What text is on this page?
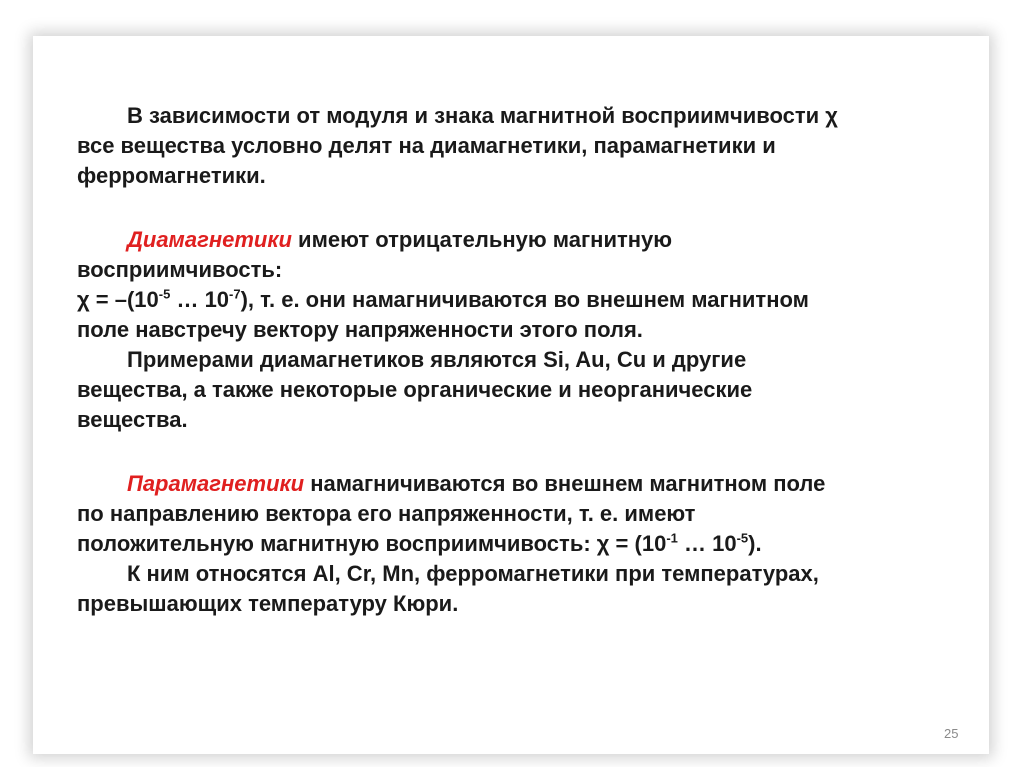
В зависимости от модуля и знака магнитной восприимчивости χ
все вещества условно делят на диамагнетики, парамагнетики и
ферромагнетики.
Диамагнетики имеют отрицательную магнитную
восприимчивость:
$\chi = -(10^{-5}$ … $10^{-7}$), т. е. они намагничиваются во внешнем магнитном
поле навстречу вектору напряженности этого поля.
Примерами диамагнетиков являются Si, Au, Cu и другие
вещества, а также некоторые органические и неорганические
вещества.
Парамагнетики намагничиваются во внешнем магнитном поле
по направлению вектора его напряженности, т. е. имеют
положительную магнитную восприимчивость: $\chi = (10^{-1}$ … $10^{-5}$).
К ним относятся Al, Cr, Mn, ферромагнетики при температурах,
превышающих температуру Кюри.
25
